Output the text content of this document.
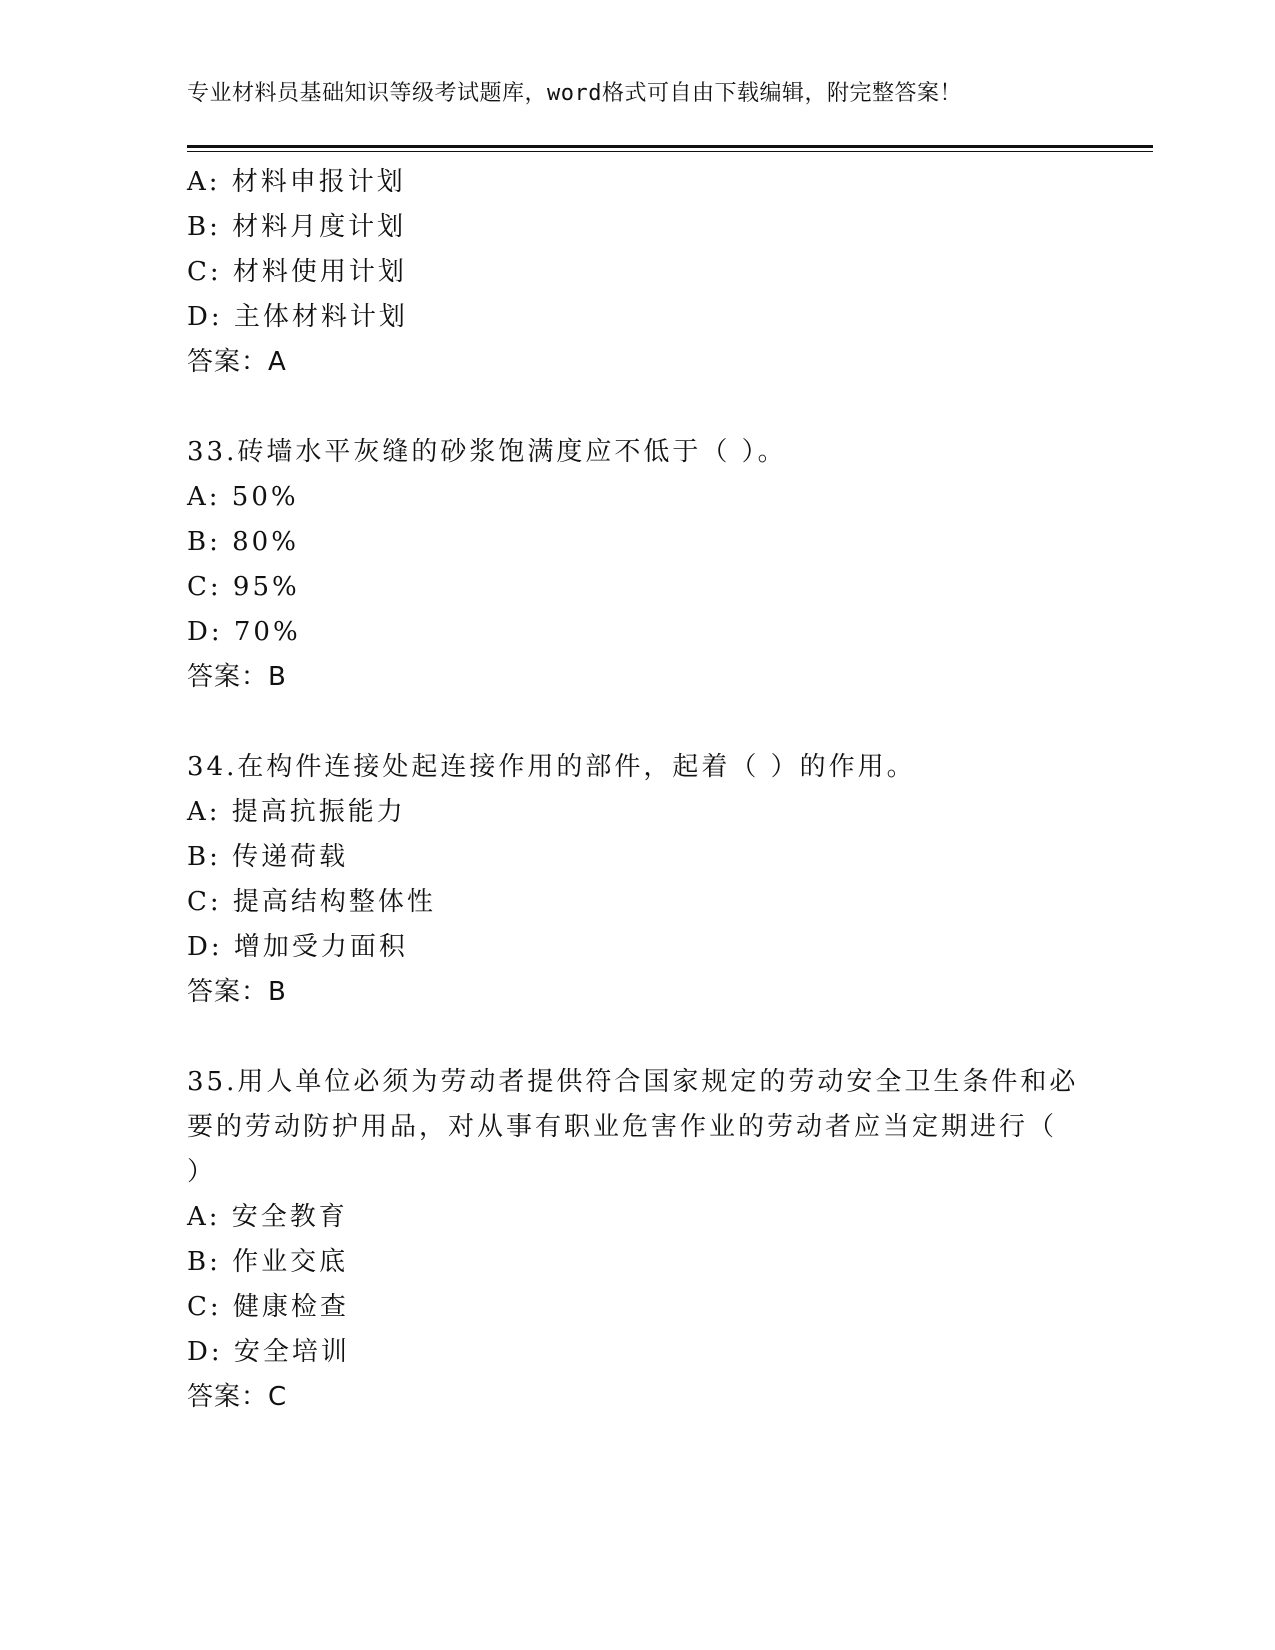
专业材料员基础知识等级考试题库，word格式可自由下载编辑，附完整答案！
A: 材料申报计划
B: 材料月度计划
C: 材料使用计划
D: 主体材料计划
答案：A
33.砖墙水平灰缝的砂浆饱满度应不低于（ ）。
A: 50%
B: 80%
C: 95%
D: 70%
答案：B
34.在构件连接处起连接作用的部件，起着（ ）的作用。
A: 提高抗振能力
B: 传递荷载
C: 提高结构整体性
D: 增加受力面积
答案：B
35.用人单位必须为劳动者提供符合国家规定的劳动安全卫生条件和必
要的劳动防护用品，对从事有职业危害作业的劳动者应当定期进行（
）
A: 安全教育
B: 作业交底
C: 健康检查
D: 安全培训
答案：C
